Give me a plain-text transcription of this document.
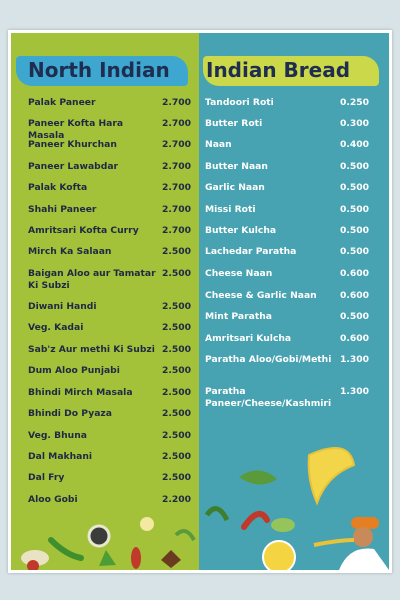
North Indian Indian Bread
Palak Paneer	2.700
Paneer Kofta Hara Masala
2.700
Paneer Khurchan	2.700
Paneer Lawabdar	2.700
Palak Kofta	2.700
Shahi Paneer	2.700
Amritsari Kofta Curry	2.700
Mirch Ka Salaan	2.500
Baigan Aloo aur Tamatar Ki Subzi
2.500
Diwani Handi	2.500
Veg. Kadai	2.500
Sab'z Aur methi Ki Subzi 2.500
Dum Aloo Punjabi	2.500
Bhindi Mirch Masala	2.500
Bhindi Do Pyaza	2.500
Veg. Bhuna	2.500
Dal Makhani	2.500
Dal Fry	2.500
Aloo Gobi	2.200
Tandoori Roti	0.250
Butter Roti	0.300
Naan	0.400
Butter Naan	0.500
Garlic Naan	0.500
Missi Roti	0.500
Butter Kulcha	0.500
Lachedar Paratha	0.500
Cheese Naan	0.600
Cheese & Garlic Naan	0.600
Mint Paratha	0.500
Amritsari Kulcha	0.600
Paratha Aloo/Gobi/Methi 1.300
Paratha Paneer/Cheese/Kashmiri
1.300
